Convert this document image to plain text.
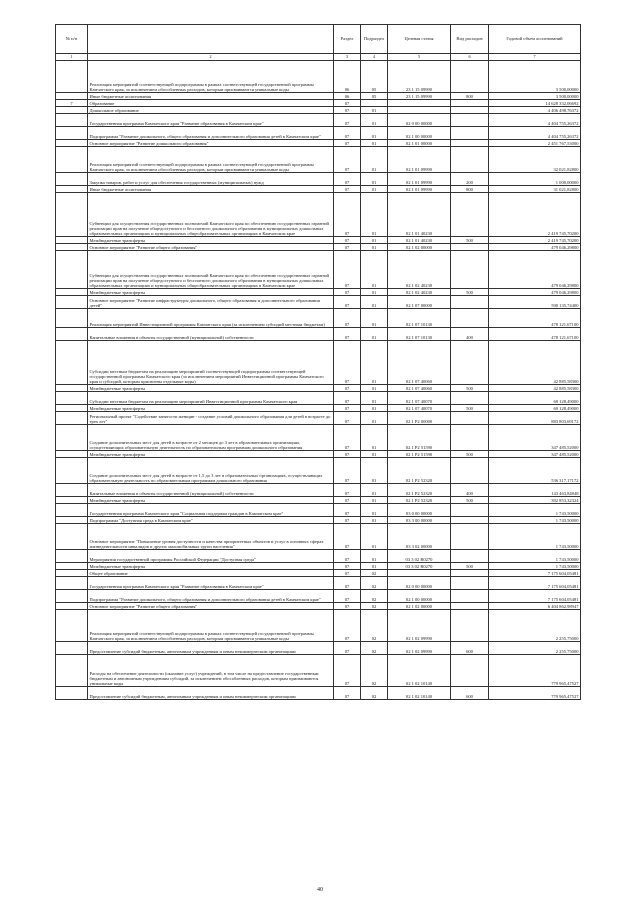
№ п/п		Раздел	Подраздел	Целевая статья	Вид расходов	Годовой объем ассигнований
1	2	3	4	5	6	7
	Реализация мероприятий соответствующей подпрограммы в рамках соответствующей государственной программы Камчатского края, за исключением обособленных расходов, которым присваиваются уникальные коды	06	05	23 1 15 09990		3 500,00000
	Иные бюджетные ассигнования	06	05	23 1 15 09990	800	3 500,00000
7	Образование	07				14 628 332,06692
	Дошкольное образование	07	01			4 406 498,76372
	Государственная программа Камчатского края "Развитие образования в Камчатском крае"	07	01	02 0 00 00000		4 404 755,26372
	Подпрограмма "Развитие дошкольного, общего образования и дополнительного образования детей в Камчатском крае"	07	01	02 1 00 00000		4 404 755,26372
	Основное мероприятие "Развитие дошкольного образования"	07	01	02 1 01 00000		2 451 767,53000
	Реализация мероприятий соответствующей подпрограммы в рамках соответствующей государственной программы Камчатского края, за исключением обособленных расходов, которым присваиваются уникальные коды	07	01	02 1 01 09990		32 021,82800
	Закупка товаров, работ и услуг для обеспечения государственных (муниципальных) нужд	07	01	02 1 01 09990	200	1 000,00000
	Иные бюджетные ассигнования	07	01	02 1 01 09990	800	31 021,82800
	Субвенции для осуществления государственных полномочий Камчатского края по обеспечению государственных гарантий реализации прав на получение общедоступного и бесплатного дошкольного образования в муниципальных дошкольных образовательных организациях и муниципальных общеобразовательных организациях в Камчатском крае	07	01	02 1 01 40230		2 419 745,70200
	Межбюджетные трансферты	07	01	02 1 01 40230	500	2 419 745,70200
	Основное мероприятие "Развитие общего образования"	07	01	02 1 02 00000		479 046,29800
	Субвенции для осуществления государственных полномочий Камчатского края по обеспечению государственных гарантий реализации прав на получение общедоступного и бесплатного дошкольного образования в муниципальных дошкольных образовательных организациях и муниципальных общеобразовательных организациях в Камчатском крае	07	01	02 1 02 40230		479 046,29800
	Межбюджетные трансферты	07	01	02 1 02 40230	500	479 046,29800
	Основное мероприятие "Развитие инфраструктуры дошкольного, общего образования и дополнительного образования детей"	07	01	02 1 07 00000		590 135,74400
	Реализация мероприятий Инвестиционной программы Камчатского края (за исключением субсидий местным бюджетам)	07	01	02 1 07 10130		478 121,67100
	Капитальные вложения в объекты государственной (муниципальной) собственности	07	01	02 1 07 10130	400	478 121,67100
	Субсидии местным бюджетам на реализацию мероприятий соответствующей подпрограммы соответствующей государственной программы Камчатского края (за исключением мероприятий Инвестиционной программы Камчатского края и субсидий, которым присвоены отдельные коды)	07	01	02 1 07 40060		42 885,58300
	Межбюджетные трансферты	07	01	02 1 07 40060	500	42 885,58300
	Субсидии местным бюджетам на реализацию мероприятий Инвестиционной программы Камчатского края	07	01	02 1 07 40070		69 128,49000
	Межбюджетные трансферты	07	01	02 1 07 40070	500	69 128,49000
	Региональный проект "Содействие занятости женщин - создание условий дошкольного образования для детей в возрасте до трех лет"	07	01	02 1 P2 00000		883 803,69172
	Создание дополнительных мест для детей в возрасте от 2 месяцев до 3 лет в образовательных организациях, осуществляющих образовательную деятельность по образовательным программам дошкольного образования	07	01	02 1 P2 51590		347 485,52000
	Межбюджетные трансферты	07	01	02 1 P2 51590	500	347 485,52000
	Создание дополнительных мест для детей в возрасте от 1,5 до 3 лет в образовательных организациях, осуществляющих образовательную деятельность по образовательным программам дошкольного образования	07	01	02 1 P2 52320		536 317,17172
	Капитальные вложения в объекты государственной (муниципальной) собственности	07	01	02 1 P2 52320	400	143 463,84848
	Межбюджетные трансферты	07	01	02 1 P2 52320	500	392 853,32324
	Государственная программа Камчатского края "Социальная поддержка граждан в Камчатском крае"	07	01	03 0 00 00000		1 743,50000
	Подпрограмма "Доступная среда в Камчатском крае"	07	01	03 3 00 00000		1 743,50000
	Основное мероприятие "Повышение уровня доступности и качества приоритетных объектов и услуг в основных сферах жизнедеятельности инвалидов и других маломобильных групп населения"	07	01	03 3 02 00000		1 743,50000
	Мероприятия государственной программы Российской Федерации "Доступная среда"	07	01	03 3 02 R0270		1 743,50000
	Межбюджетные трансферты	07	01	03 3 02 R0270	500	1 743,50000
	Общее образование	07	02			7 175 604,05481
	Государственная программа Камчатского края "Развитие образования в Камчатском крае"	07	02	02 0 00 00000		7 175 604,05481
	Подпрограмма "Развитие дошкольного, общего образования и дополнительного образования детей в Камчатском крае"	07	02	02 1 00 00000		7 175 604,05481
	Основное мероприятие "Развитие общего образования"	07	02	02 1 02 00000		6 404 862,98947
	Реализация мероприятий соответствующей подпрограммы в рамках соответствующей государственной программы Камчатского края, за исключением обособленных расходов, которым присваиваются уникальные коды	07	02	02 1 02 09990		2 255,75000
	Предоставление субсидий бюджетным, автономным учреждениям и иным некоммерческим организациям	07	02	02 1 02 09990	600	2 255,75000
	Расходы на обеспечение деятельности (оказание услуг) учреждений, в том числе на предоставление государственным бюджетным и автономным учреждениям субсидий, за исключением обособленных расходов, которым присваиваются уникальные коды	07	02	02 1 02 10140		779 965,47527
	Предоставление субсидий бюджетным, автономным учреждениям и иным некоммерческим организациям	07	02	02 1 02 10140	600	779 965,47527
40
